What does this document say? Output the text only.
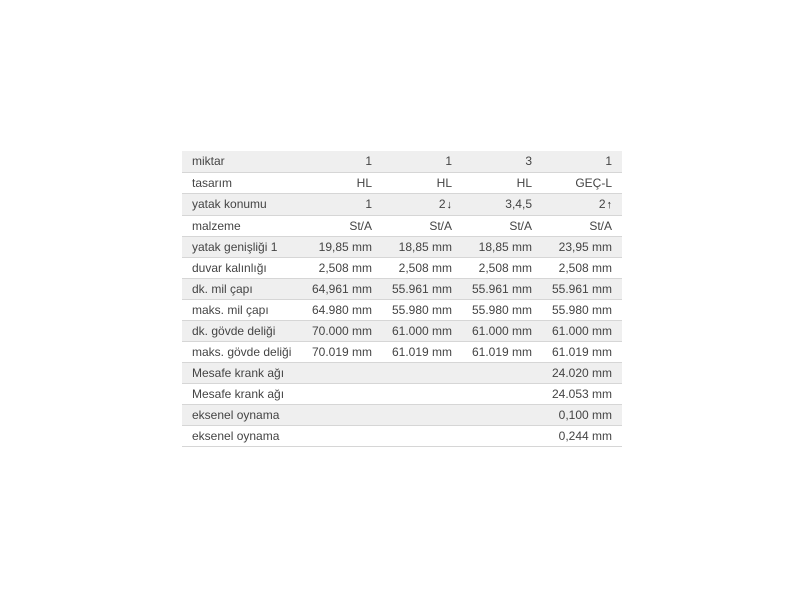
miktar	1	1	3	1
tasarım	HL	HL	HL	GEÇ-L
yatak konumu	1	2↓	3,4,5	2↑
malzeme	St/A	St/A	St/A	St/A
yatak genişliği 1	19,85 mm	18,85 mm	18,85 mm	23,95 mm
duvar kalınlığı	2,508 mm	2,508 mm	2,508 mm	2,508 mm
dk. mil çapı	64,961 mm	55.961 mm	55.961 mm	55.961 mm
maks. mil çapı	64.980 mm	55.980 mm	55.980 mm	55.980 mm
dk. gövde deliği	70.000 mm	61.000 mm	61.000 mm	61.000 mm
maks. gövde deliği	70.019 mm	61.019 mm	61.019 mm	61.019 mm
Mesafe krank ağı				24.020 mm
Mesafe krank ağı				24.053 mm
eksenel oynama				0,100 mm
eksenel oynama				0,244 mm
